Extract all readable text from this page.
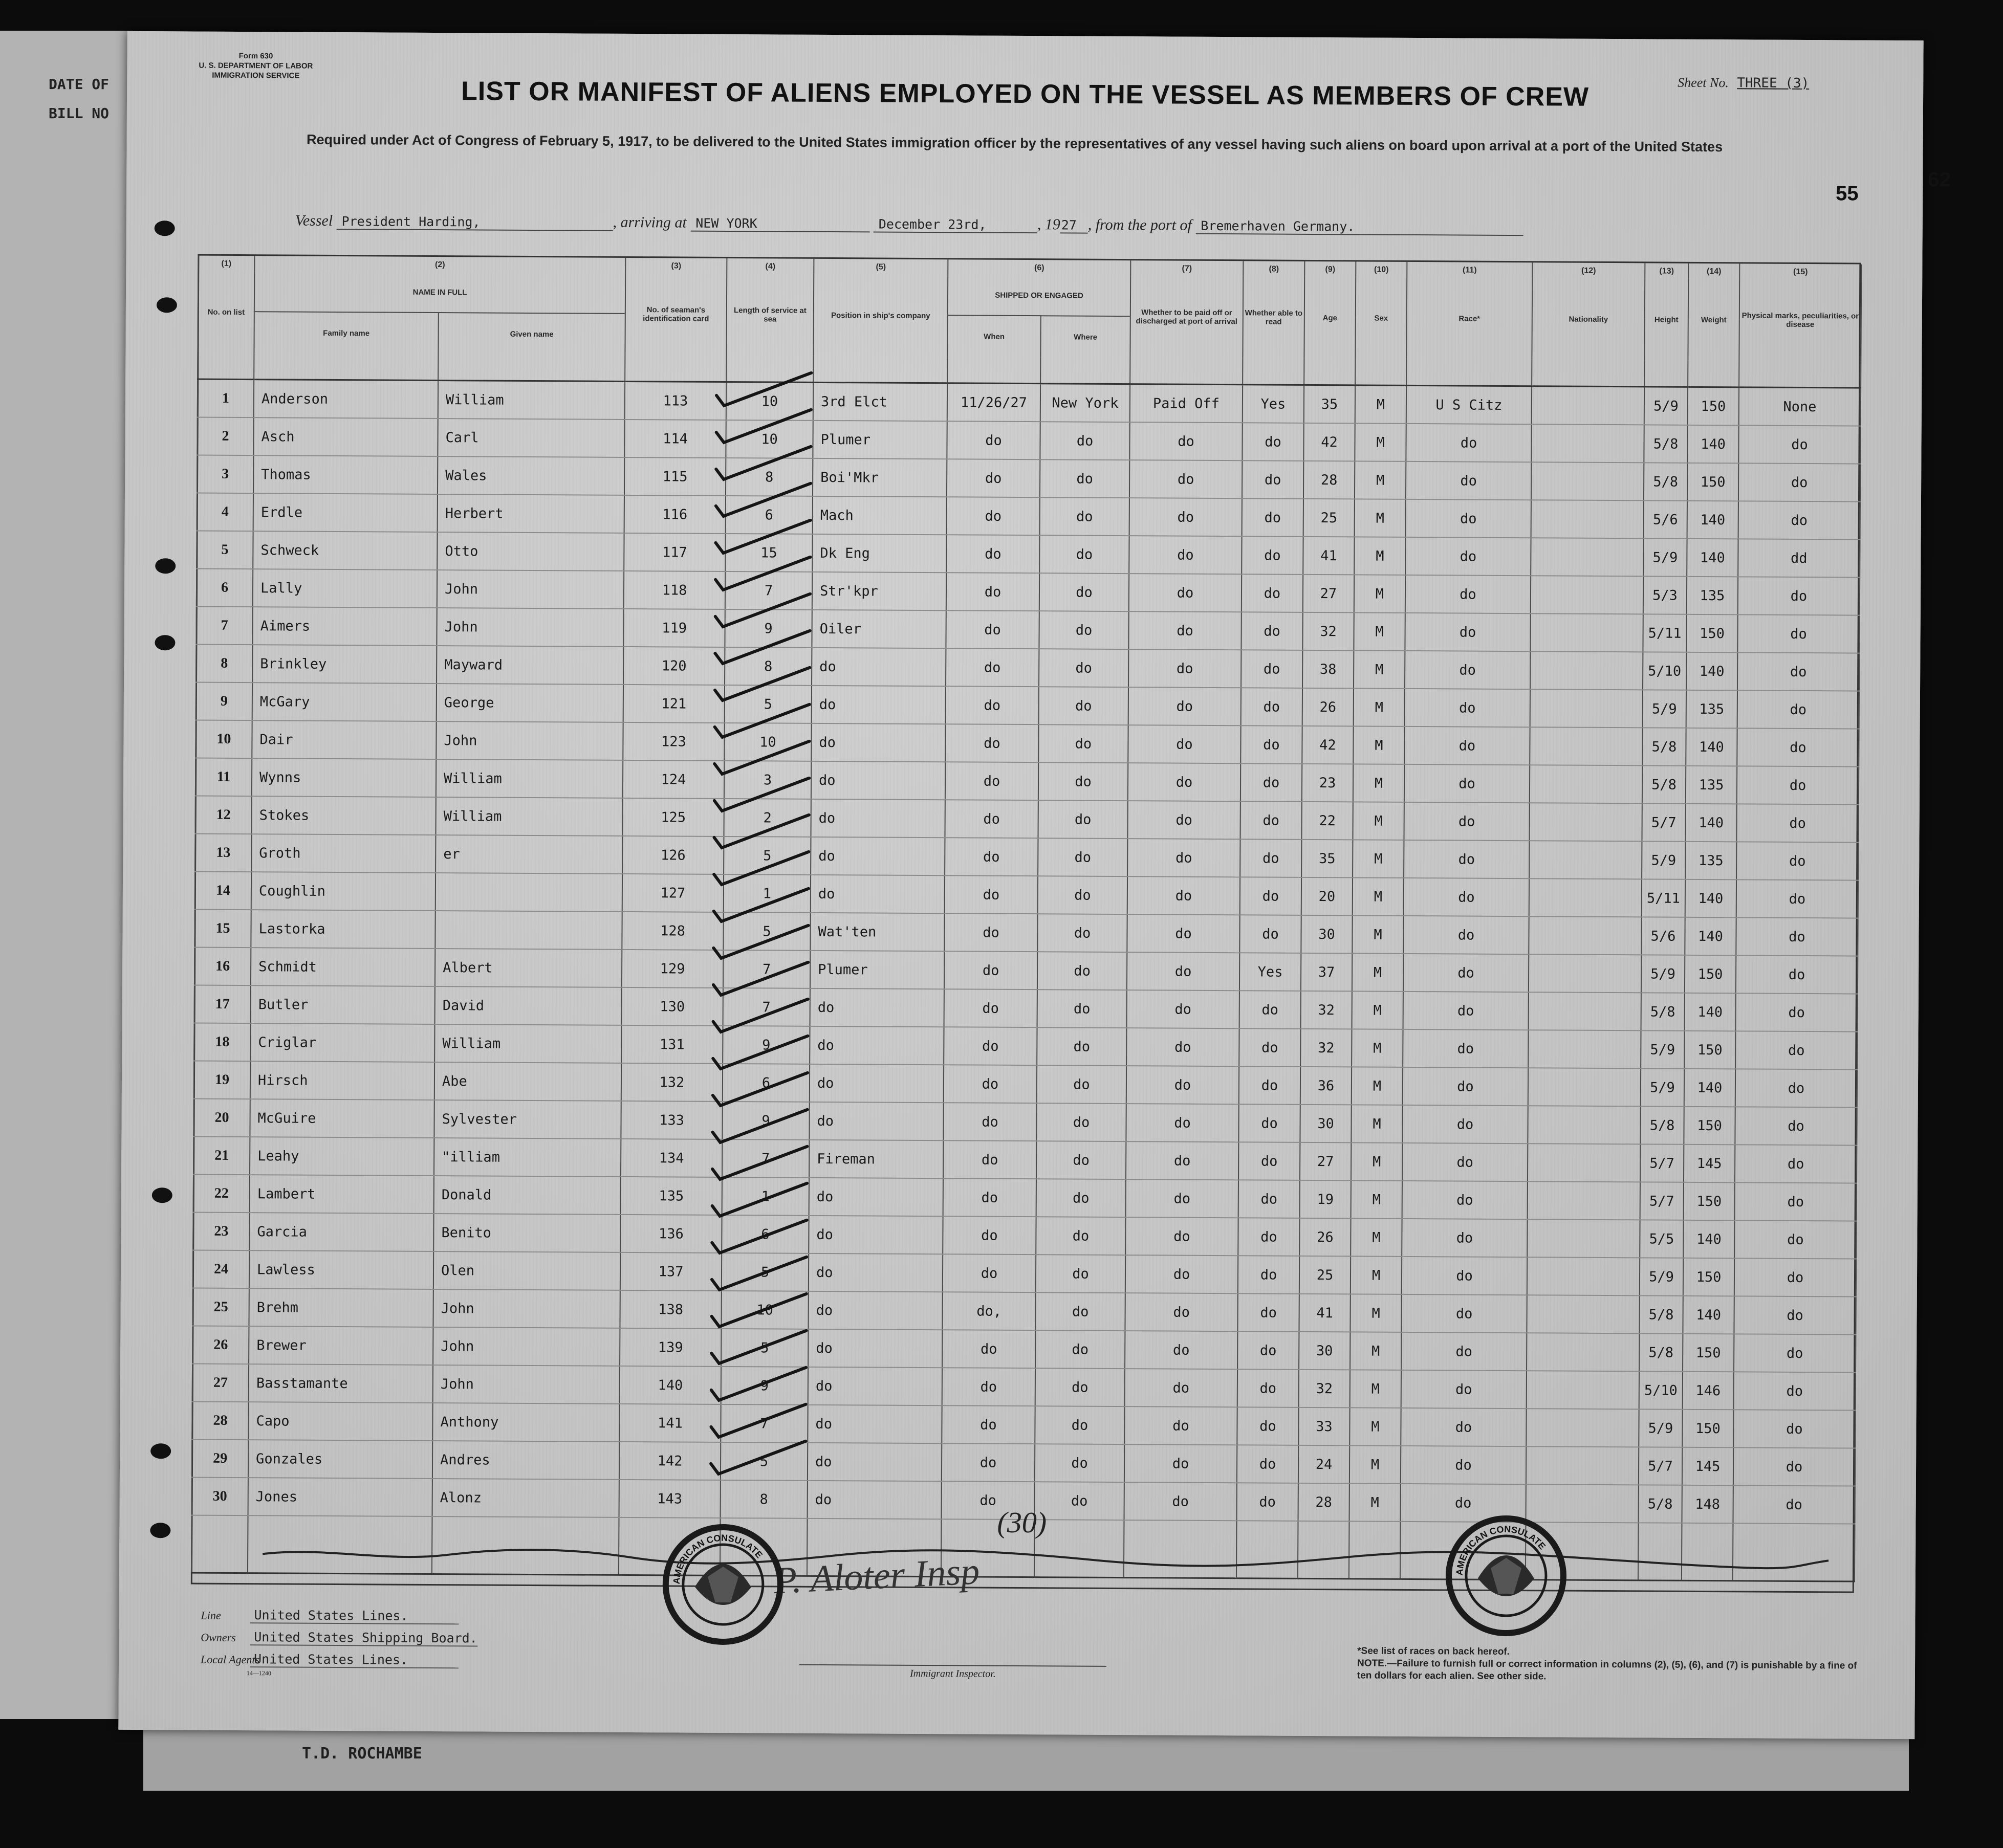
DATE OF
BILL NO
T.D. ROCHAMBE
Form 630
U. S. DEPARTMENT OF LABOR
IMMIGRATION SERVICE	Sheet No. THREE (3)
LIST OR MANIFEST OF ALIENS EMPLOYED ON THE VESSEL AS MEMBERS OF CREW
Required under Act of Congress of February 5, 1917, to be delivered to the United States immigration officer by the representatives of any vessel having such aliens on board upon arrival at a port of the United States
55
62
Vessel President Harding,	, arriving at NEW YORK	December 23rd,	, 1927 , from the port of Bremerhaven Germany.
(1)	(2)		(3)	(4)	(5)	(6)		(7)	(8)	(9)	(10)	(11)	(12)	(13)	(14)	(15)
No. on list	NAME IN FULL		No. of seaman's identification card	Length of service at sea	Position in ship's company	SHIPPED OR ENGAGED		Whether to be paid off or discharged at port of arrival	Whether able to read	Age	Sex	Race*	Nationality	Height	Weight	Physical marks, peculiarities, or disease
	Family name	Given name				When	Where									

1	Anderson	William	113	10	3rd Elct	11/26/27	New York	Paid Off	Yes	35	M	U S Citz		5/9	150	None
2	Asch	Carl	114	10	Plumer	do	do	do	do	42	M	do		5/8	140	do
3	Thomas	Wales	115	8	Boi'Mkr	do	do	do	do	28	M	do		5/8	150	do
4	Erdle	Herbert	116	6	Mach	do	do	do	do	25	M	do		5/6	140	do
5	Schweck	Otto	117	15	Dk Eng	do	do	do	do	41	M	do		5/9	140	dd
6	Lally	John	118	7	Str'kpr	do	do	do	do	27	M	do		5/3	135	do
7	Aimers	John	119	9	Oiler	do	do	do	do	32	M	do		5/11	150	do
8	Brinkley	Mayward	120	8	do	do	do	do	do	38	M	do		5/10	140	do
9	McGary	George	121	5	do	do	do	do	do	26	M	do		5/9	135	do
10	Dair	John	123	10	do	do	do	do	do	42	M	do		5/8	140	do
11	Wynns	William	124	3	do	do	do	do	do	23	M	do		5/8	135	do
12	Stokes	William	125	2	do	do	do	do	do	22	M	do		5/7	140	do
13	Groth	er	126	5	do	do	do	do	do	35	M	do		5/9	135	do
14	Coughlin		127	1	do	do	do	do	do	20	M	do		5/11	140	do
15	Lastorka		128	5	Wat'ten	do	do	do	do	30	M	do		5/6	140	do
16	Schmidt	Albert	129	7	Plumer	do	do	do	Yes	37	M	do		5/9	150	do
17	Butler	David	130	7	do	do	do	do	do	32	M	do		5/8	140	do
18	Criglar	William	131	9	do	do	do	do	do	32	M	do		5/9	150	do
19	Hirsch	Abe	132	6	do	do	do	do	do	36	M	do		5/9	140	do
20	McGuire	Sylvester	133	9	do	do	do	do	do	30	M	do		5/8	150	do
21	Leahy	"illiam	134	7	Fireman	do	do	do	do	27	M	do		5/7	145	do
22	Lambert	Donald	135	1	do	do	do	do	do	19	M	do		5/7	150	do
23	Garcia	Benito	136	6	do	do	do	do	do	26	M	do		5/5	140	do
24	Lawless	Olen	137	5	do	do	do	do	do	25	M	do		5/9	150	do
25	Brehm	John	138	10	do	do,	do	do	do	41	M	do		5/8	140	do
26	Brewer	John	139	5	do	do	do	do	do	30	M	do		5/8	150	do
27	Basstamante	John	140	9	do	do	do	do	do	32	M	do		5/10	146	do
28	Capo	Anthony	141	7	do	do	do	do	do	33	M	do		5/9	150	do
29	Gonzales	Andres	142	5	do	do	do	do	do	24	M	do		5/7	145	do
30	Jones	Alonz	143	8	do	do	do	do	do	28	M	do		5/8	148	do

(30)
P. Aloter Insp
AMERICAN CONSULATE
AMERICAN CONSULATE
Line	United States Lines.
Owners United States Shipping Board.
Local Agents United States Lines.
14—1240	Immigrant Inspector.
*See list of races on back hereof.
NOTE.—Failure to furnish full or correct information in columns (2), (5), (6), and (7) is punishable by a fine of ten dollars for each alien. See other side.
